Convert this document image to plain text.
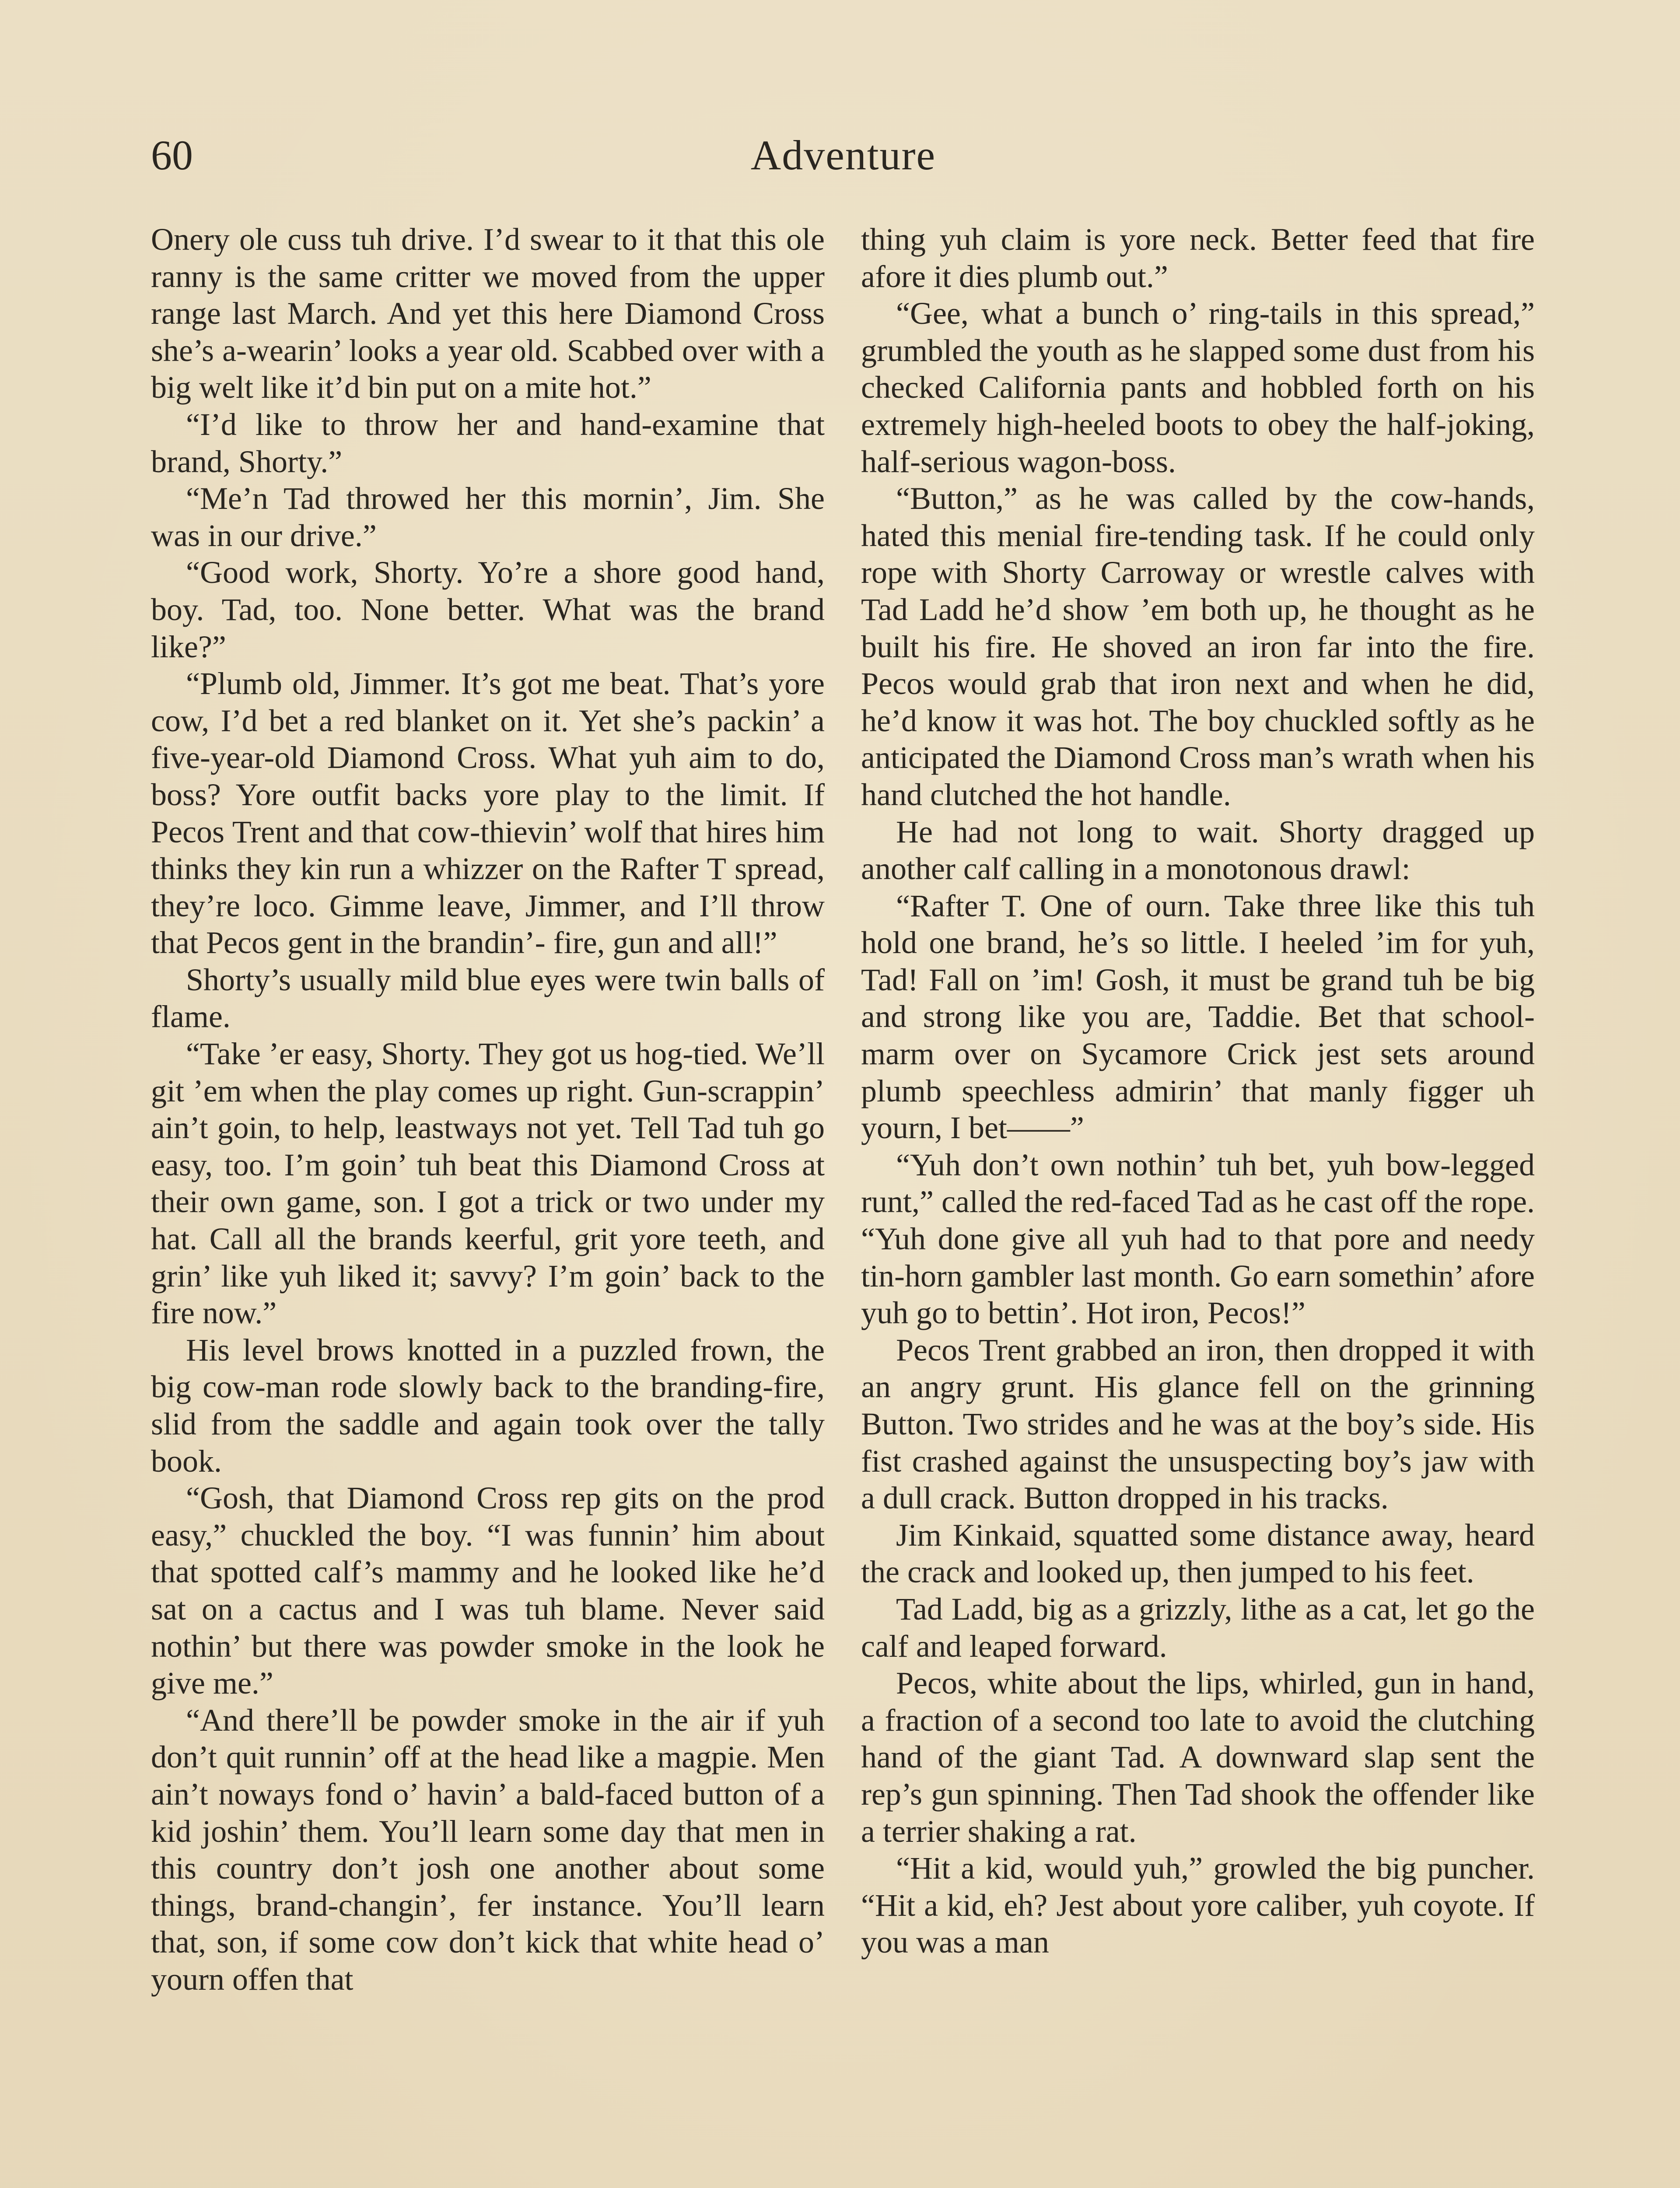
60	Adventure

Onery ole cuss tuh drive. I’d swear to it that this ole ranny is the same critter we moved from the upper range last March. And yet this here Diamond Cross she’s a-wearin’ looks a year old. Scabbed over with a big welt like it’d bin put on a mite hot.”

“I’d like to throw her and hand-examine that brand, Shorty.”

“Me’n Tad throwed her this mornin’, Jim. She was in our drive.”

“Good work, Shorty. Yo’re a shore good hand, boy. Tad, too. None better. What was the brand like?”

“Plumb old, Jimmer. It’s got me beat. That’s yore cow, I’d bet a red blanket on it. Yet she’s packin’ a five-year-old Diamond Cross. What yuh aim to do, boss? Yore outfit backs yore play to the limit. If Pecos Trent and that cow-thievin’ wolf that hires him thinks they kin run a whizzer on the Rafter T spread, they’re loco. Gimme leave, Jimmer, and I’ll throw that Pecos gent in the brandin’- fire, gun and all!”

Shorty’s usually mild blue eyes were twin balls of flame.

“Take ’er easy, Shorty. They got us hog-tied. We’ll git ’em when the play comes up right. Gun-scrappin’ ain’t goin, to help, leastways not yet. Tell Tad tuh go easy, too. I’m goin’ tuh beat this Diamond Cross at their own game, son. I got a trick or two under my hat. Call all the brands keerful, grit yore teeth, and grin’ like yuh liked it; savvy? I’m goin’ back to the fire now.”

His level brows knotted in a puzzled frown, the big cow-man rode slowly back to the branding-fire, slid from the saddle and again took over the tally book.

“Gosh, that Diamond Cross rep gits on the prod easy,” chuckled the boy. “I was funnin’ him about that spotted calf’s mammy and he looked like he’d sat on a cactus and I was tuh blame. Never said nothin’ but there was powder smoke in the look he give me.”

“And there’ll be powder smoke in the air if yuh don’t quit runnin’ off at the head like a magpie. Men ain’t noways fond o’ havin’ a bald-faced button of a kid joshin’ them. You’ll learn some day that men in this country don’t josh one another about some things, brand-changin’, fer instance. You’ll learn that, son, if some cow don’t kick that white head o’ yourn offen that

thing yuh claim is yore neck. Better feed that fire afore it dies plumb out.”

“Gee, what a bunch o’ ring-tails in this spread,” grumbled the youth as he slapped some dust from his checked California pants and hobbled forth on his extremely high-heeled boots to obey the half-joking, half-serious wagon-boss.

“Button,” as he was called by the cow-hands, hated this menial fire-tending task. If he could only rope with Shorty Carroway or wrestle calves with Tad Ladd he’d show ’em both up, he thought as he built his fire. He shoved an iron far into the fire. Pecos would grab that iron next and when he did, he’d know it was hot. The boy chuckled softly as he anticipated the Diamond Cross man’s wrath when his hand clutched the hot handle.

He had not long to wait. Shorty dragged up another calf calling in a monotonous drawl:

“Rafter T. One of ourn. Take three like this tuh hold one brand, he’s so little. I heeled ’im for yuh, Tad! Fall on ’im! Gosh, it must be grand tuh be big and strong like you are, Taddie. Bet that school-marm over on Sycamore Crick jest sets around plumb speechless admirin’ that manly figger uh yourn, I bet——”

“Yuh don’t own nothin’ tuh bet, yuh bow-legged runt,” called the red-faced Tad as he cast off the rope. “Yuh done give all yuh had to that pore and needy tin-horn gambler last month. Go earn somethin’ afore yuh go to bettin’. Hot iron, Pecos!”

Pecos Trent grabbed an iron, then dropped it with an angry grunt. His glance fell on the grinning Button. Two strides and he was at the boy’s side. His fist crashed against the unsuspecting boy’s jaw with a dull crack. Button dropped in his tracks.

Jim Kinkaid, squatted some distance away, heard the crack and looked up, then jumped to his feet.

Tad Ladd, big as a grizzly, lithe as a cat, let go the calf and leaped forward.

Pecos, white about the lips, whirled, gun in hand, a fraction of a second too late to avoid the clutching hand of the giant Tad. A downward slap sent the rep’s gun spinning. Then Tad shook the offender like a terrier shaking a rat.

“Hit a kid, would yuh,” growled the big puncher. “Hit a kid, eh? Jest about yore caliber, yuh coyote. If you was a man
